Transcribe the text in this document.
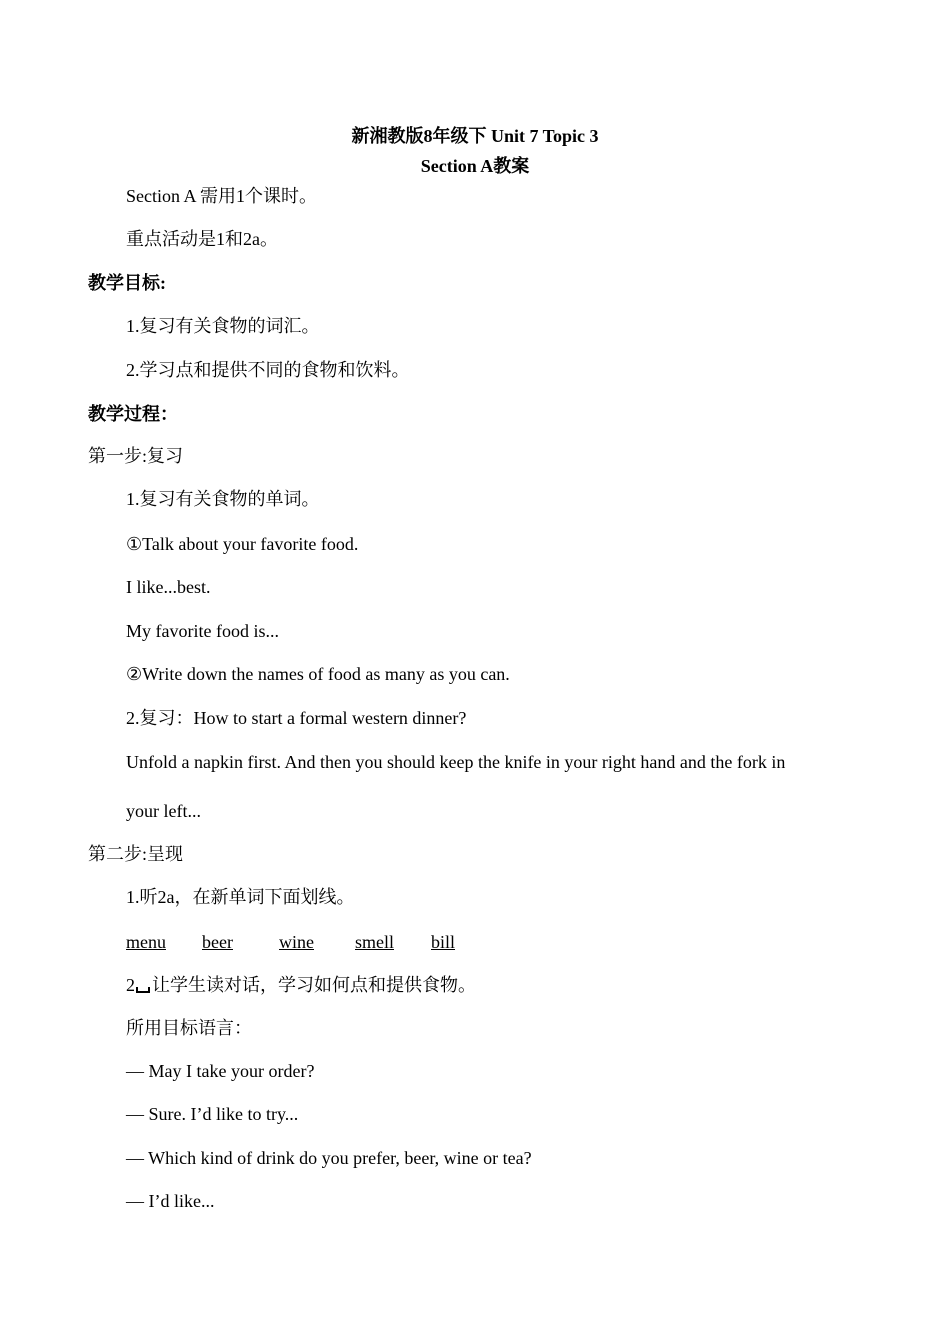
新湘教版8年级下 Unit 7 Topic 3
Section A教案
Section A 需用1个课时。
重点活动是1和2a。
教学目标:
1.复习有关食物的词汇。
2.学习点和提供不同的食物和饮料。
教学过程：
第一步:复习
1.复习有关食物的单词。
①Talk about your favorite food.
I like...best.
My favorite food is...
②Write down the names of food as many as you can.
2.复习：How to start a formal western dinner?
Unfold a napkin first. And then you should keep the knife in your right hand and the fork in
your left...
第二步:呈现
1.听2a，在新单词下面划线。
menu beer	wine smell bill
2 让学生读对话，学习如何点和提供食物。
所用目标语言：
— May I take your order?
— Sure. I’d like to try...
— Which kind of drink do you prefer, beer, wine or tea?
— I’d like...
